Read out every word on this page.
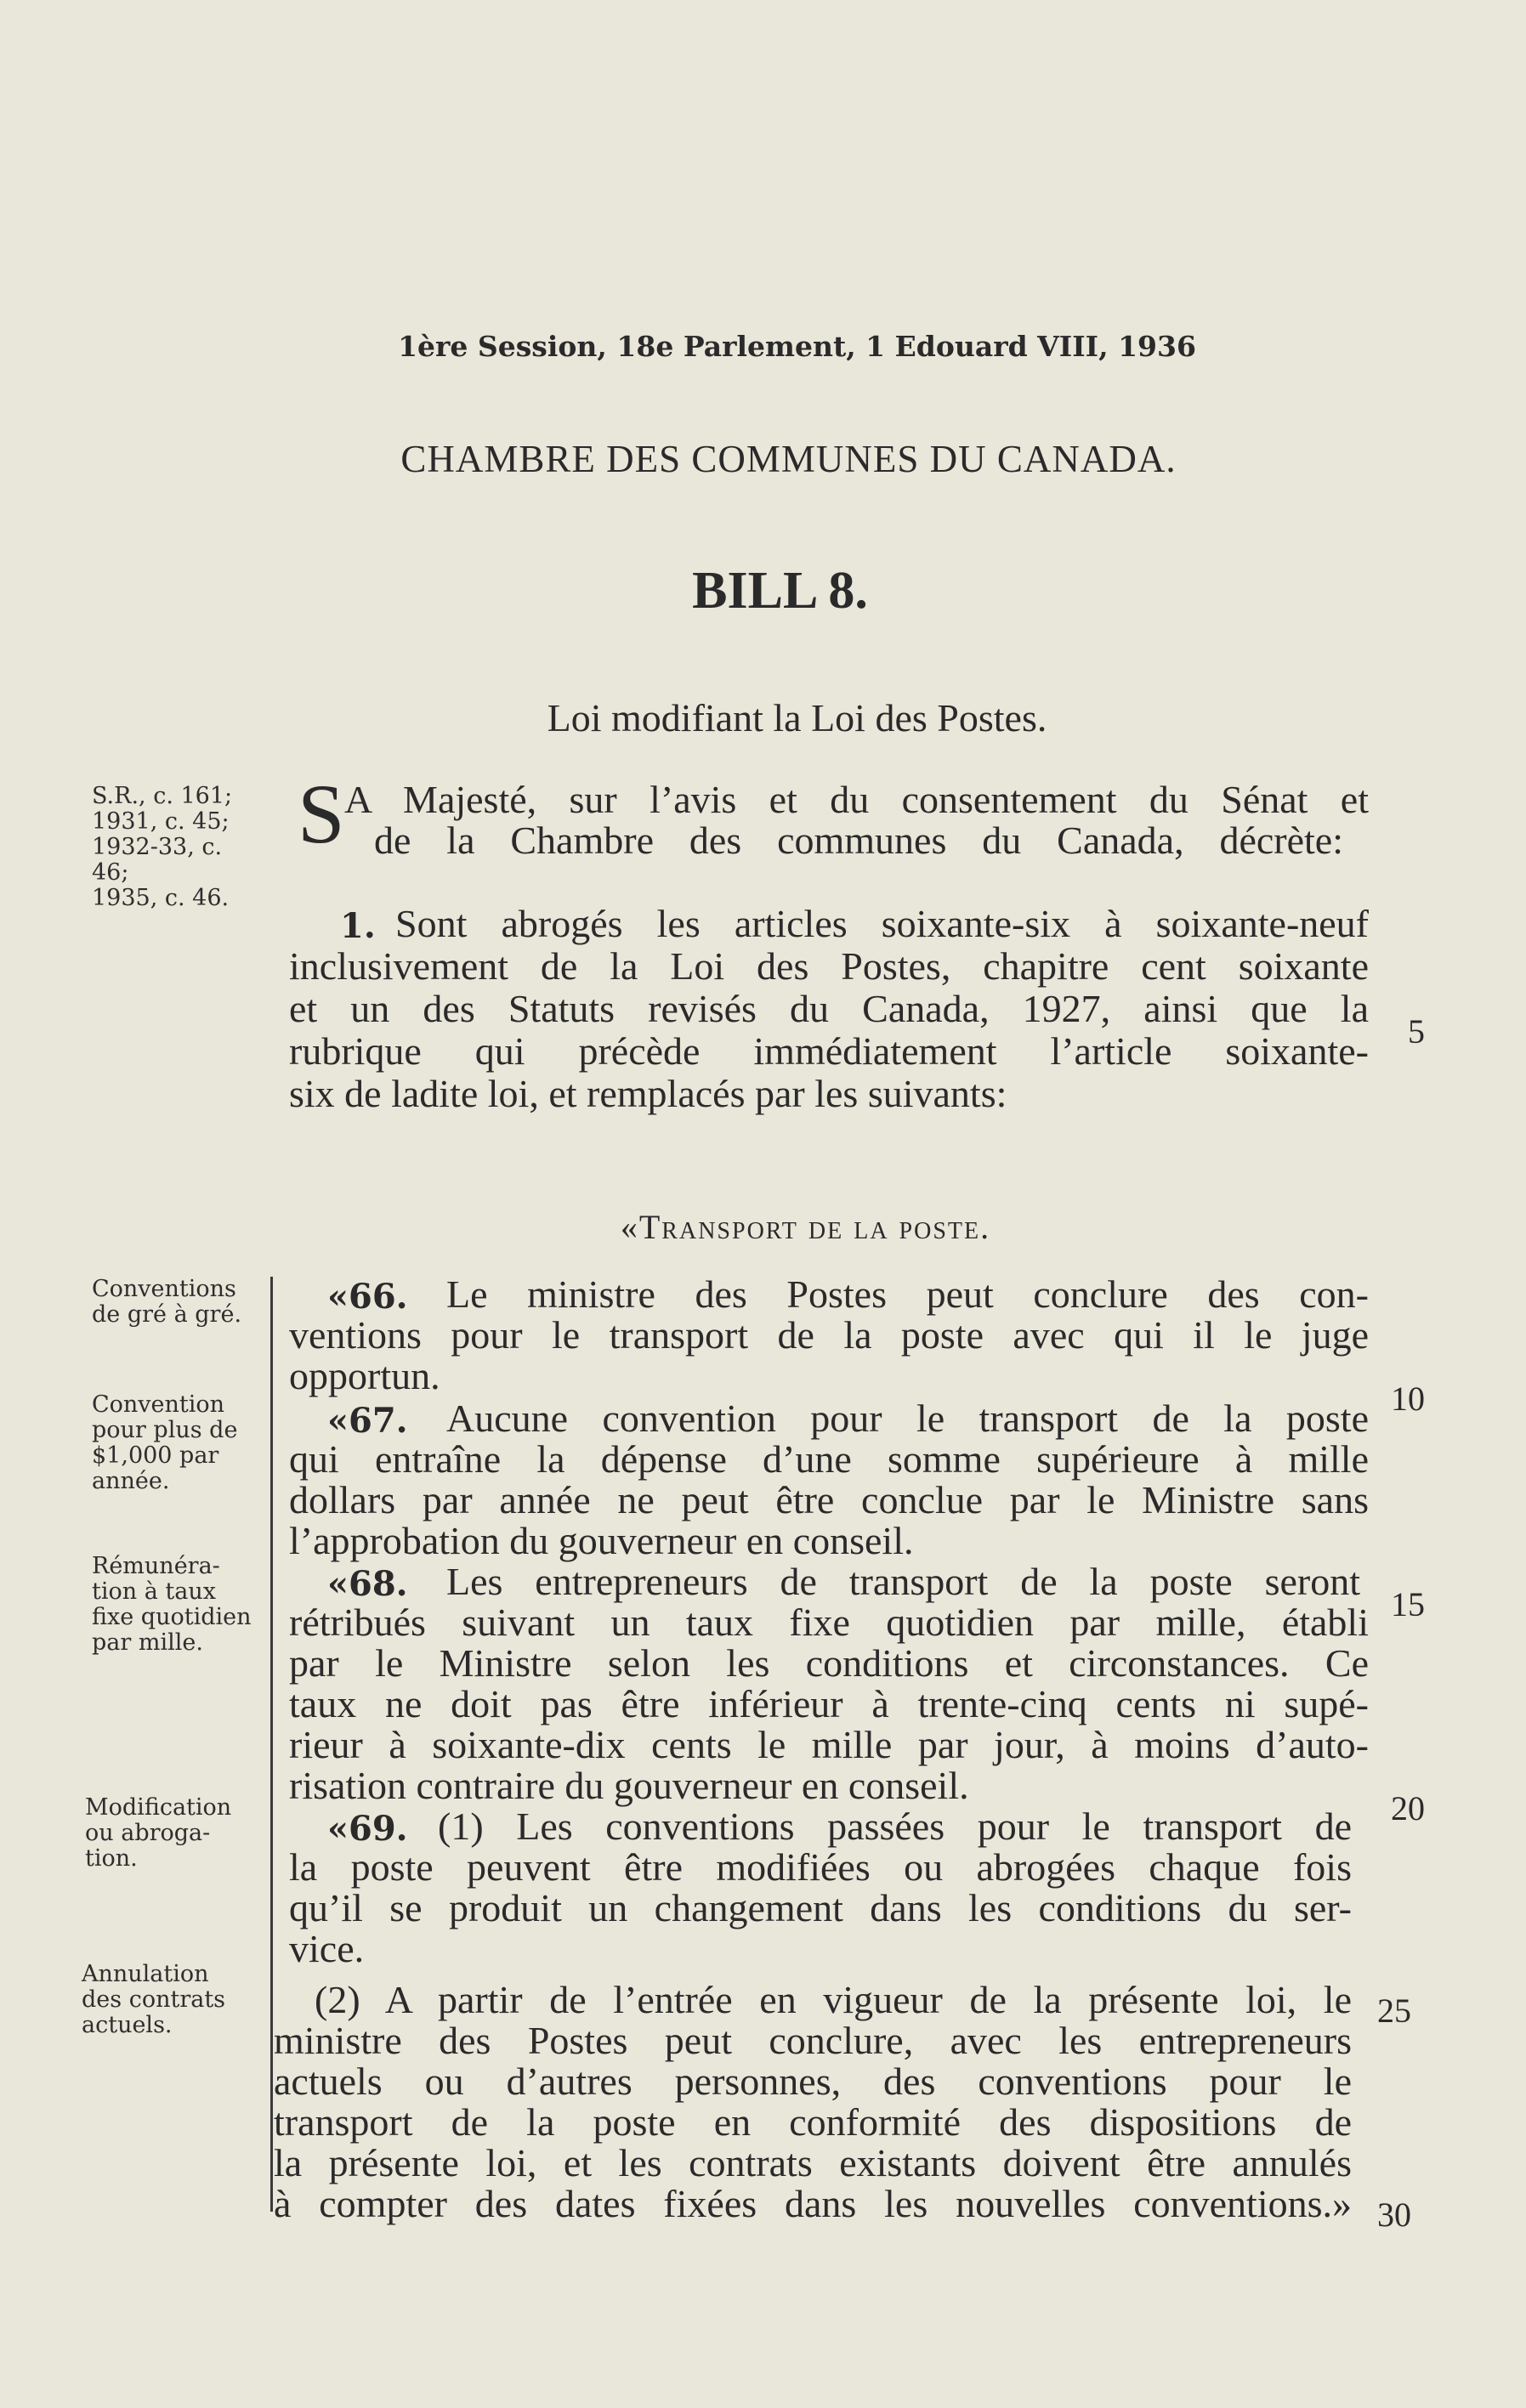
1ère Session, 18e Parlement, 1 Edouard VIII, 1936
CHAMBRE DES COMMUNES DU CANADA.
BILL 8.
Loi modifiant la Loi des Postes.
S.R., c. 161;
1931, c. 45;
1932-33, c. 46;
1935, c. 46.
Conventions
de gré à gré.
Convention
pour plus de
$1,000 par
année.
Rémunéra-
tion à taux
fixe quotidien
par mille.
Modification
ou abroga-
tion.
Annulation
des contrats
actuels.
S A Majesté, sur l’avis et du consentement du Sénat et
de la Chambre des communes du Canada, décrète:
1. Sont abrogés les articles soixante-six à soixante-neuf
inclusivement de la Loi des Postes, chapitre cent soixante
et un des Statuts revisés du Canada, 1927, ainsi que la
rubrique qui précède immédiatement l’article soixante-
six de ladite loi, et remplacés par les suivants:
«Transport de la poste.
«66. Le ministre des Postes peut conclure des con-
ventions pour le transport de la poste avec qui il le juge
opportun.
«67. Aucune convention pour le transport de la poste
qui entraîne la dépense d’une somme supérieure à mille
dollars par année ne peut être conclue par le Ministre sans
l’approbation du gouverneur en conseil.
«68. Les entrepreneurs de transport de la poste seront
rétribués suivant un taux fixe quotidien par mille, établi
par le Ministre selon les conditions et circonstances. Ce
taux ne doit pas être inférieur à trente-cinq cents ni supé-
rieur à soixante-dix cents le mille par jour, à moins d’auto-
risation contraire du gouverneur en conseil.
«69. (1) Les conventions passées pour le transport de
la poste peuvent être modifiées ou abrogées chaque fois
qu’il se produit un changement dans les conditions du ser-
vice.
(2) A partir de l’entrée en vigueur de la présente loi, le
ministre des Postes peut conclure, avec les entrepreneurs
actuels ou d’autres personnes, des conventions pour le
transport de la poste en conformité des dispositions de
la présente loi, et les contrats existants doivent être annulés
à compter des dates fixées dans les nouvelles conventions.»
5
10
15
20
25
30
